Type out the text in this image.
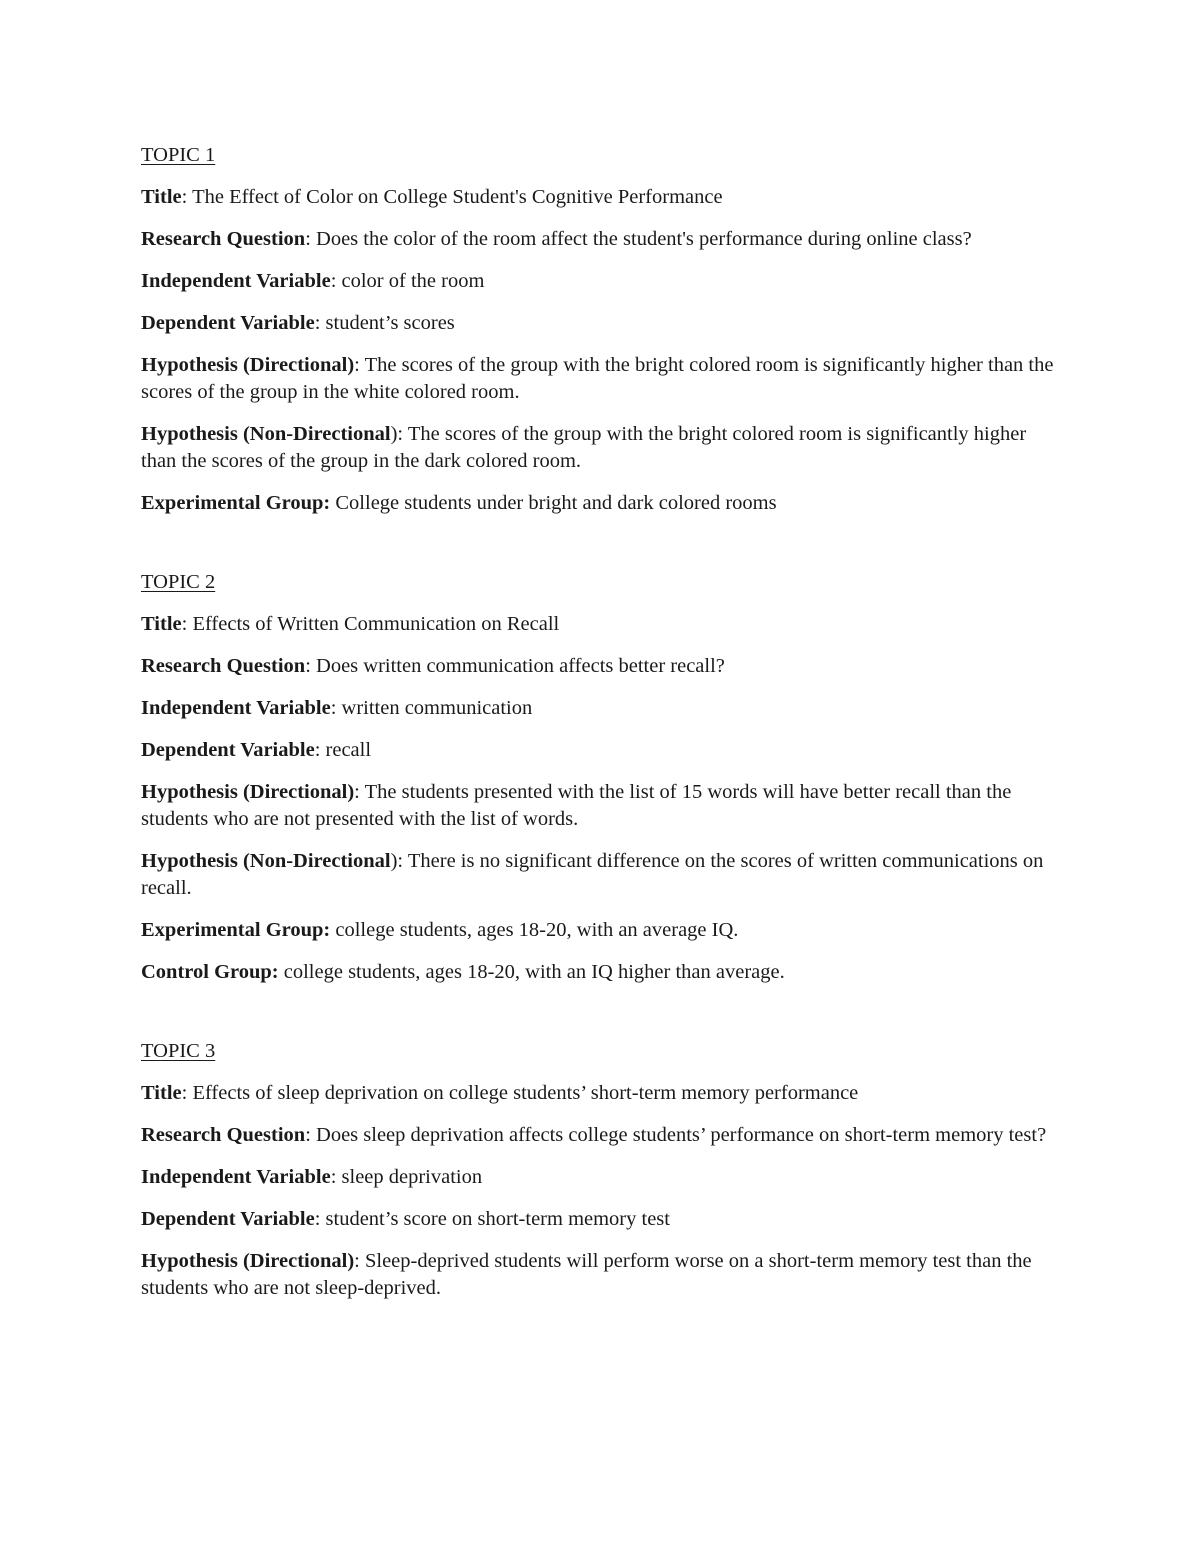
TOPIC 1

Title: The Effect of Color on College Student's Cognitive Performance

Research Question: Does the color of the room affect the student's performance during online class?

Independent Variable: color of the room

Dependent Variable: student’s scores

Hypothesis (Directional): The scores of the group with the bright colored room is significantly higher than the scores of the group in the white colored room.

Hypothesis (Non-Directional): The scores of the group with the bright colored room is significantly higher than the scores of the group in the dark colored room.

Experimental Group: College students under bright and dark colored rooms

TOPIC 2

Title: Effects of Written Communication on Recall

Research Question: Does written communication affects better recall?

Independent Variable: written communication

Dependent Variable: recall

Hypothesis (Directional): The students presented with the list of 15 words will have better recall than the students who are not presented with the list of words.

Hypothesis (Non-Directional): There is no significant difference on the scores of written communications on recall.

Experimental Group: college students, ages 18-20, with an average IQ.

Control Group: college students, ages 18-20, with an IQ higher than average.

TOPIC 3

Title: Effects of sleep deprivation on college students’ short-term memory performance

Research Question: Does sleep deprivation affects college students’ performance on short-term memory test?

Independent Variable: sleep deprivation

Dependent Variable: student’s score on short-term memory test

Hypothesis (Directional): Sleep-deprived students will perform worse on a short-term memory test than the students who are not sleep-deprived.
